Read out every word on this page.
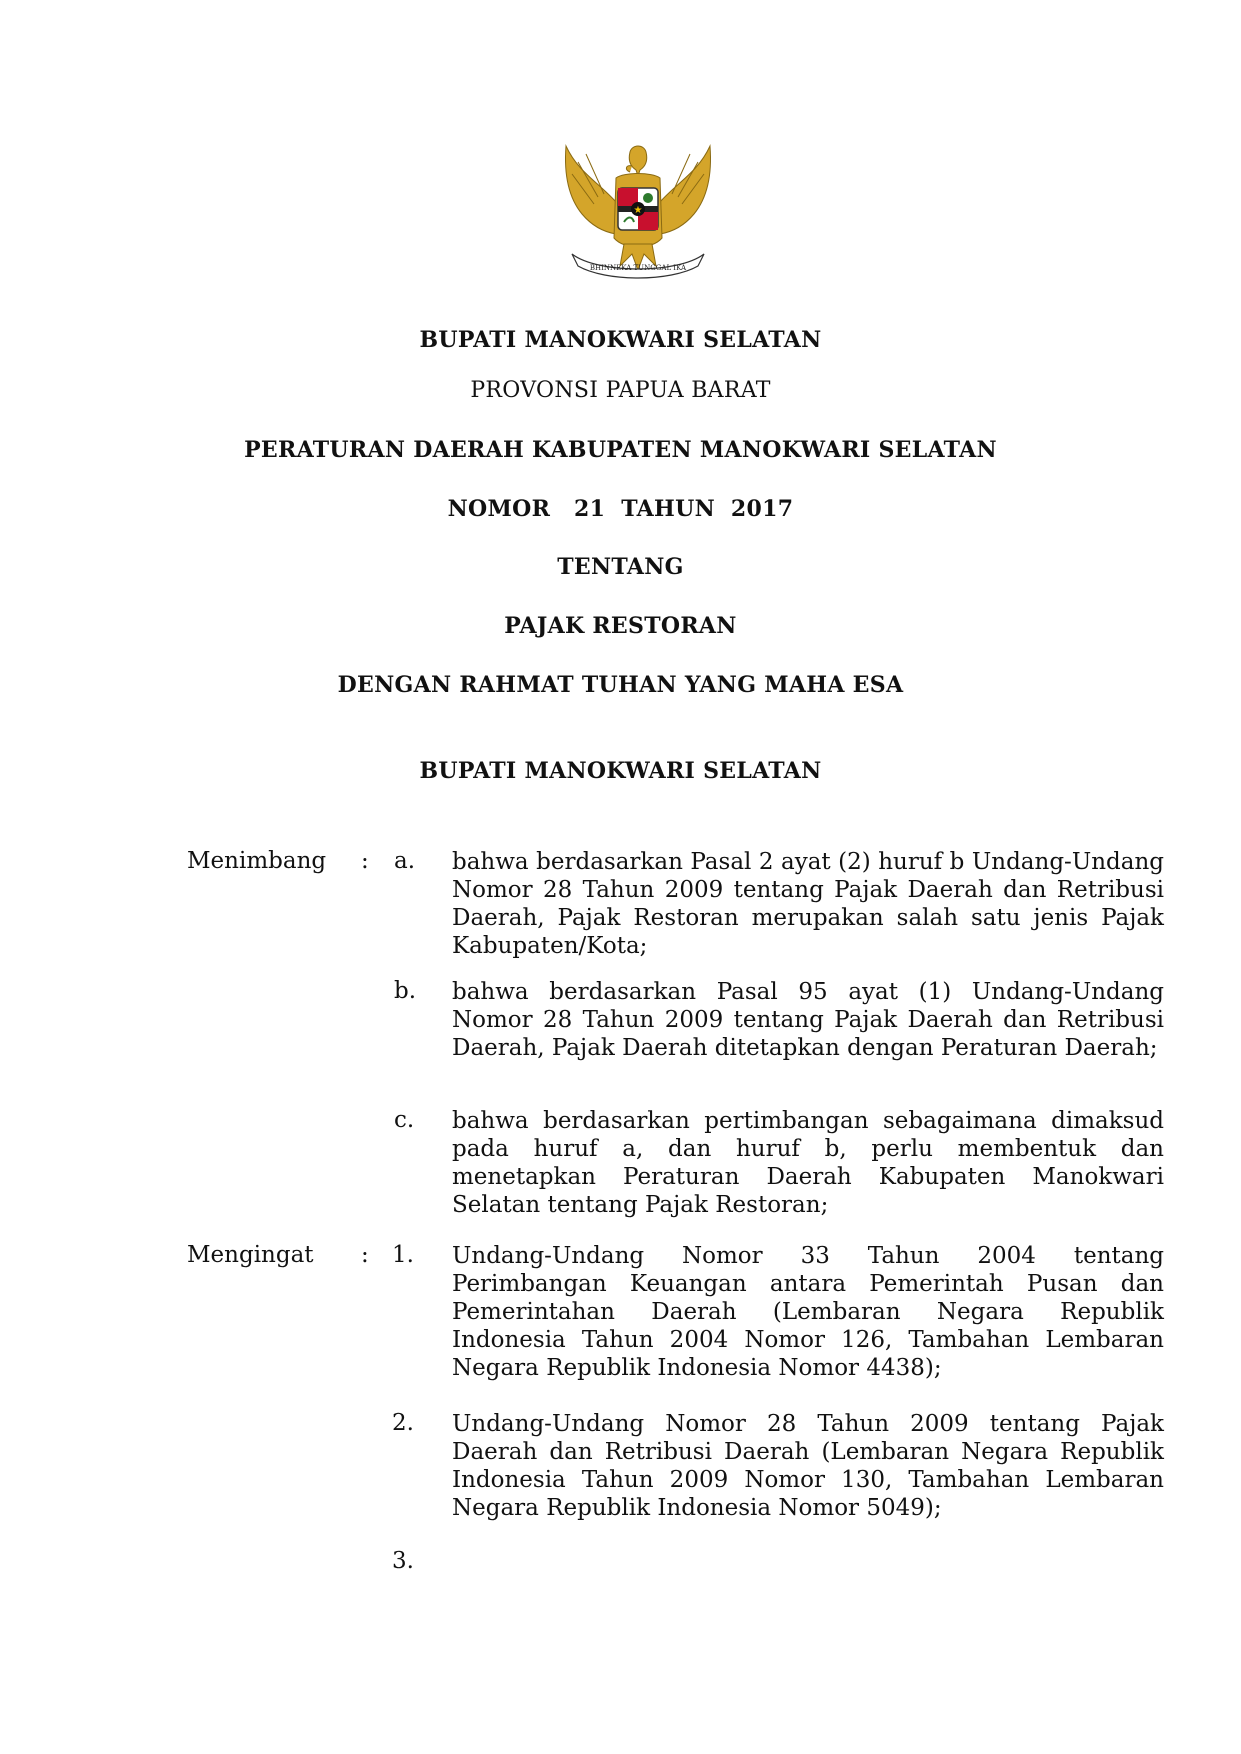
★
BHINNEKA TUNGGAL IKA
BUPATI MANOKWARI SELATAN
PROVONSI PAPUA BARAT
PERATURAN DAERAH KABUPATEN MANOKWARI SELATAN
NOMOR   21  TAHUN  2017
TENTANG
PAJAK RESTORAN
DENGAN RAHMAT TUHAN YANG MAHA ESA
BUPATI MANOKWARI SELATAN
Menimbang : a. bahwa berdasarkan Pasal 2 ayat (2) huruf b Undang-Undang Nomor 28 Tahun 2009 tentang Pajak Daerah dan Retribusi Daerah, Pajak Restoran merupakan salah satu jenis Pajak Kabupaten/Kota;
b. bahwa berdasarkan Pasal 95 ayat (1) Undang-Undang Nomor 28 Tahun 2009 tentang Pajak Daerah dan Retribusi Daerah, Pajak Daerah ditetapkan dengan Peraturan Daerah;
c. bahwa berdasarkan pertimbangan sebagaimana dimaksud pada huruf a, dan huruf b, perlu membentuk dan menetapkan Peraturan Daerah Kabupaten Manokwari Selatan tentang Pajak Restoran;
Mengingat : 1. Undang-Undang Nomor 33 Tahun 2004 tentang Perimbangan Keuangan antara Pemerintah Pusan dan Pemerintahan Daerah (Lembaran Negara Republik Indonesia Tahun 2004 Nomor 126, Tambahan Lembaran Negara Republik Indonesia Nomor 4438);
2. Undang-Undang Nomor 28 Tahun 2009 tentang Pajak Daerah dan Retribusi Daerah (Lembaran Negara Republik Indonesia Tahun 2009 Nomor 130, Tambahan Lembaran Negara Republik Indonesia Nomor 5049);
3.
